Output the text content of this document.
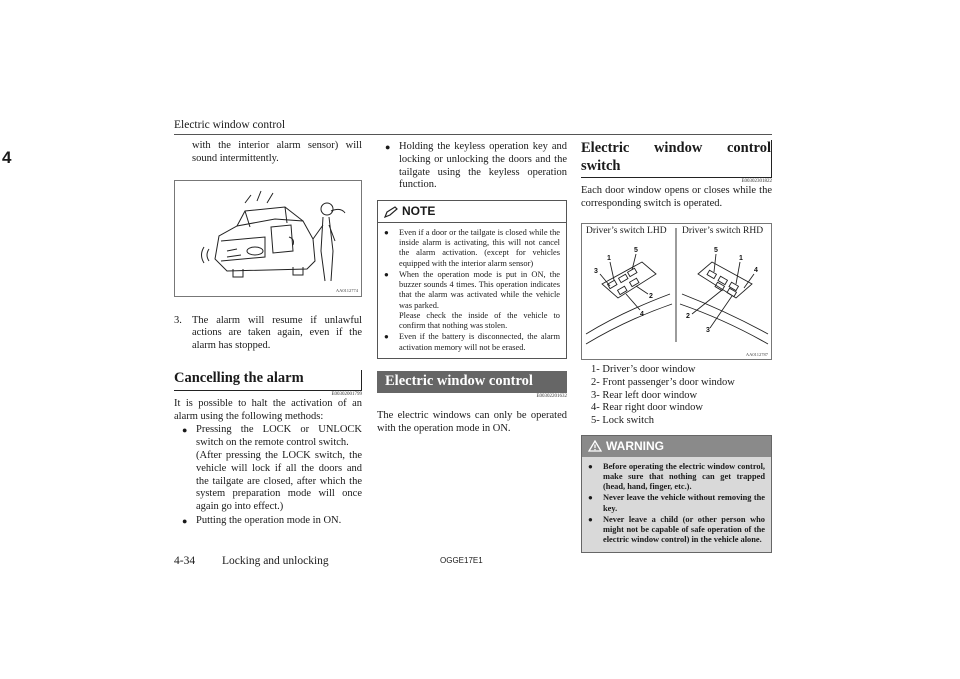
Electric window control
4
with the interior alarm sensor) will sound intermittently.
AA0112774
3. The alarm will resume if unlawful actions are taken again, even if the alarm has stopped.
Cancelling the alarm
E00302001799
It is possible to halt the activation of an alarm using the following methods:
● Pressing the LOCK or UNLOCK switch on the remote control switch.
(After pressing the LOCK switch, the vehicle will lock if all the doors and the tailgate are closed, after which the system preparation mode will once again go into effect.)
● Putting the operation mode in ON.
● Holding the keyless operation key and locking or unlocking the doors and the tailgate using the keyless operation function.
NOTE
●	Even if a door or the tailgate is closed while the inside alarm is activating, this will not cancel the alarm activation. (except for vehicles equipped with the interior alarm sensor)
●	When the operation mode is put in ON, the buzzer sounds 4 times. This operation indicates that the alarm was activated while the vehicle was parked.
Please check the inside of the vehicle to confirm that nothing was stolen.
●	Even if the battery is disconnected, the alarm activation memory will not be erased.
Electric window control
E00302201632
The electric windows can only be operated with the operation mode in ON.
Electric window control switch
E00302301822
Each door window opens or closes while the corresponding switch is operated.
Driver’s switch LHD Driver’s switch RHD
1
5
3
2
4
5
1
4
2
3
AA0112787
1- Driver’s door window
2- Front passenger’s door window
3- Rear left door window
4- Rear right door window
5- Lock switch
WARNING
●	Before operating the electric window control, make sure that nothing can get trapped (head, hand, finger, etc.).
●	Never leave the vehicle without removing the key.
●	Never leave a child (or other person who might not be capable of safe operation of the electric window control) in the vehicle alone.
4-34 Locking and unlocking	OGGE17E1
